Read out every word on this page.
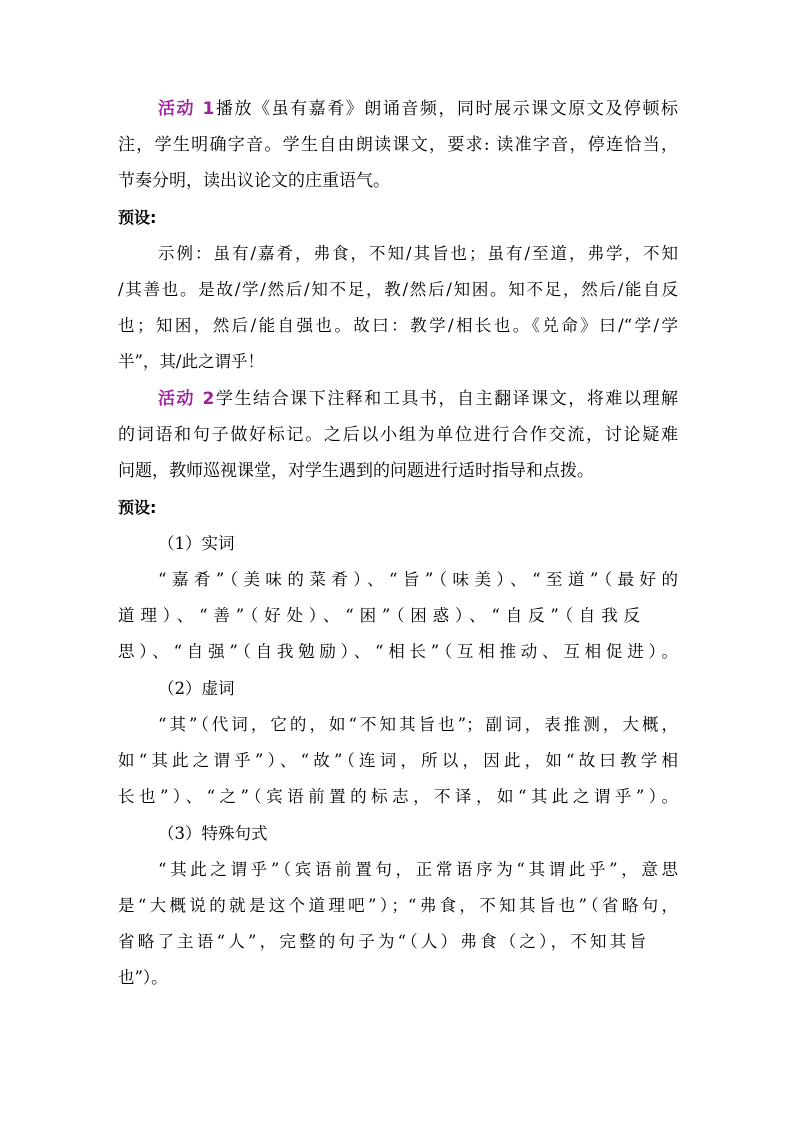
活动 1播放《虽有嘉肴》朗诵音频，同时展示课文原文及停顿标
注，学生明确字音。学生自由朗读课文，要求: 读准字音，停连恰当，
节奏分明，读出议论文的庄重语气。
预设:
示例：虽有/嘉肴，弗食，不知/其旨也；虽有/至道，弗学，不知
/其善也。是故/学/然后/知不足，教/然后/知困。知不足，然后/能自反
也；知困，然后/能自强也。故曰：教学/相长也。《兑命》曰/“学/学
半”，其/此之谓乎！
活动 2学生结合课下注释和工具书，自主翻译课文，将难以理解
的词语和句子做好标记。之后以小组为单位进行合作交流，讨论疑难
问题，教师巡视课堂，对学生遇到的问题进行适时指导和点拨。
预设:
（1）实词
“嘉肴”（美味的菜肴）、“旨”（味美）、“至道”（最好的
道理）、“善”（好处）、“困”（困惑）、“自反”（自我反
思）、“自强”（自我勉励）、“相长”（互相推动、互相促进）。
（2）虚词
“其”（代词，它的，如“不知其旨也”；副词，表推测，大概，
如“其此之谓乎”）、“故”（连词，所以，因此，如“故曰教学相
长也”）、“之”（宾语前置的标志，不译，如“其此之谓乎”）。
（3）特殊句式
“其此之谓乎”（宾语前置句，正常语序为“其谓此乎”，意思
是“大概说的就是这个道理吧”）；“弗食，不知其旨也”（省略句，
省略了主语“人”，完整的句子为“（人）弗食（之），不知其旨
也”）。
